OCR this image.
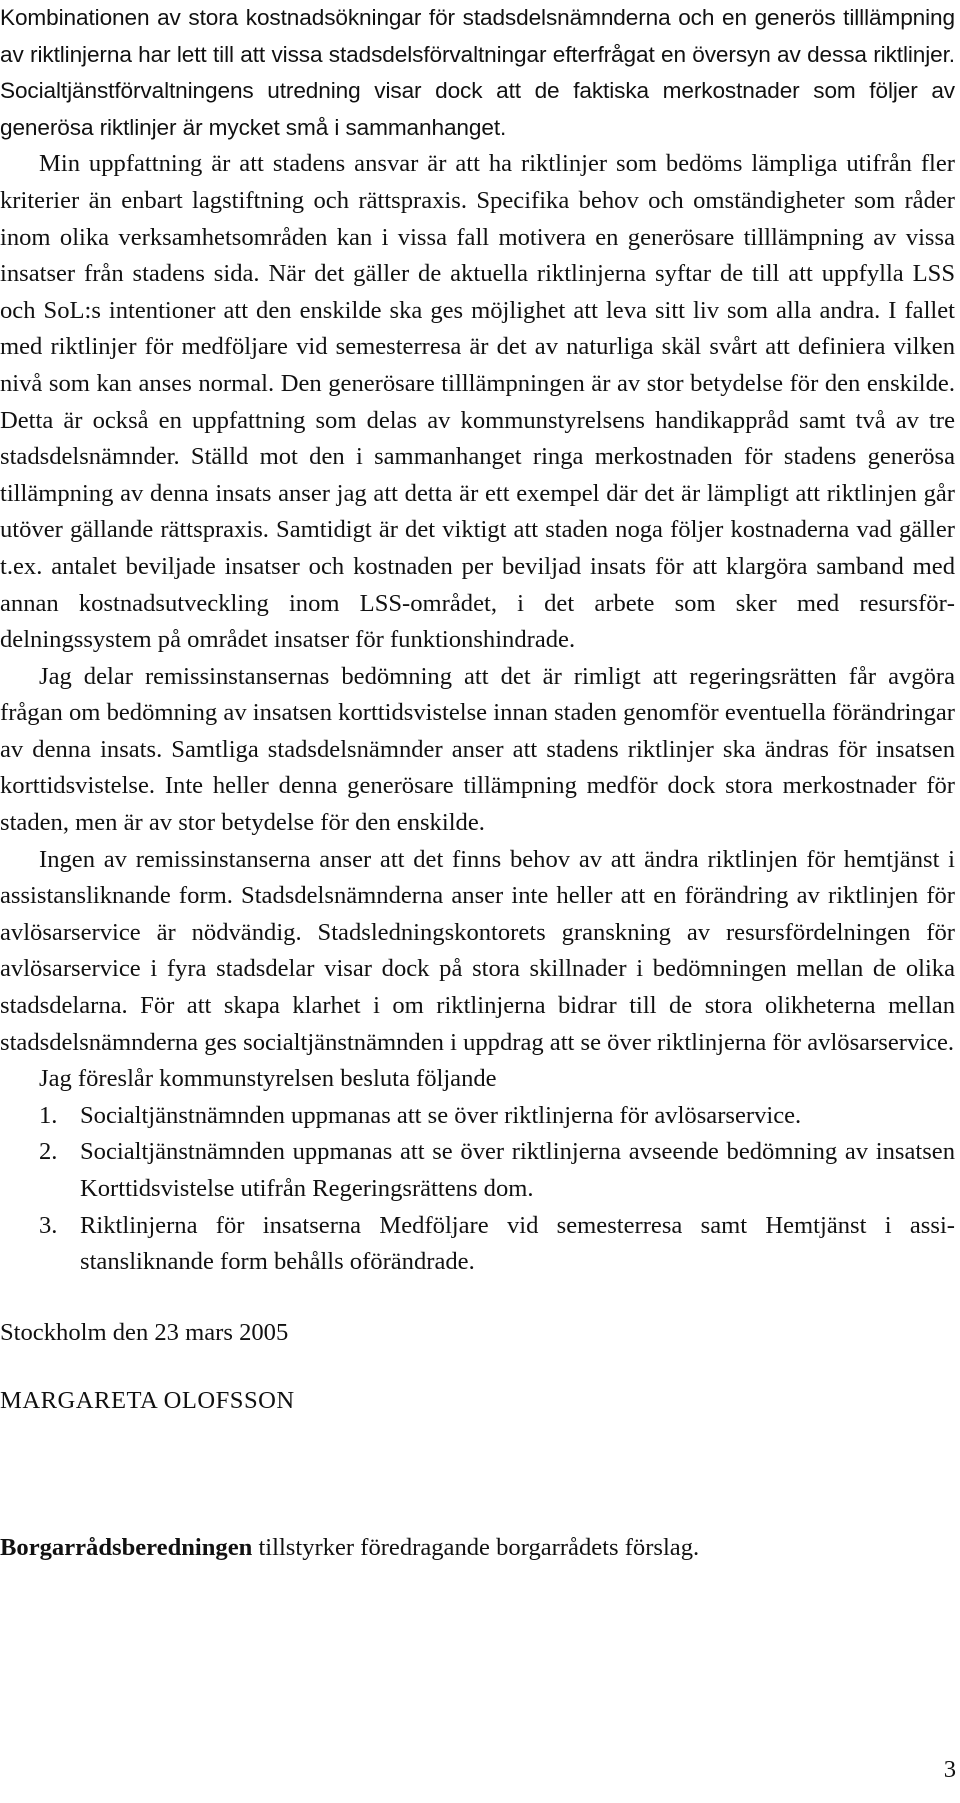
Kombinationen av stora kostnadsökningar för stadsdelsnämnderna och en generös tilllämpning av riktlinjerna har lett till att vissa stadsdelsförvaltningar efterfrågat en översyn av dessa riktlinjer. Socialtjänstförvaltningens utredning visar dock att de faktiska merkostnader som följer av generösa riktlinjer är mycket små i sammanhanget.

Min uppfattning är att stadens ansvar är att ha riktlinjer som bedöms lämpliga utifrån fler kriterier än enbart lagstiftning och rättspraxis. Specifika behov och omständigheter som råder inom olika verksamhetsområden kan i vissa fall motivera en generösare tilllämpning av vissa insatser från stadens sida. När det gäller de aktuella riktlinjerna syftar de till att uppfylla LSS och SoL:s intentioner att den enskilde ska ges möjlighet att leva sitt liv som alla andra. I fallet med riktlinjer för medföljare vid semesterresa är det av naturliga skäl svårt att definiera vilken nivå som kan anses normal. Den generösare tilllämpningen är av stor betydelse för den enskilde. Detta är också en uppfattning som delas av kommunstyrelsens handikappråd samt två av tre stadsdelsnämnder. Ställd mot den i sammanhanget ringa merkostnaden för stadens generösa tillämpning av denna insats anser jag att detta är ett exempel där det är lämpligt att riktlinjen går utöver gällande rättspraxis. Samtidigt är det viktigt att staden noga följer kostnaderna vad gäller t.ex. antalet beviljade insatser och kostnaden per beviljad insats för att klargöra samband med annan kostnadsutveckling inom LSS-området, i det arbete som sker med resursfördelningssystem på området insatser för funktionshindrade.

Jag delar remissinstansernas bedömning att det är rimligt att regeringsrätten får avgöra frågan om bedömning av insatsen korttidsvistelse innan staden genomför eventuella förändringar av denna insats. Samtliga stadsdelsnämnder anser att stadens riktlinjer ska ändras för insatsen korttidsvistelse. Inte heller denna generösare tillämpning medför dock stora merkostnader för staden, men är av stor betydelse för den enskilde.

Ingen av remissinstanserna anser att det finns behov av att ändra riktlinjen för hemtjänst i assistansliknande form. Stadsdelsnämnderna anser inte heller att en förändring av riktlinjen för avlösarservice är nödvändig. Stadsledningskontorets granskning av resursfördelningen för avlösarservice i fyra stadsdelar visar dock på stora skillnader i bedömningen mellan de olika stadsdelarna. För att skapa klarhet i om riktlinjerna bidrar till de stora olikheterna mellan stadsdelsnämnderna ges socialtjänstnämnden i uppdrag att se över riktlinjerna för avlösarservice.

Jag föreslår kommunstyrelsen besluta följande

1. Socialtjänstnämnden uppmanas att se över riktlinjerna för avlösarservice.
2. Socialtjänstnämnden uppmanas att se över riktlinjerna avseende bedömning av insatsen Korttidsvistelse utifrån Regeringsrättens dom.
3. Riktlinjerna för insatserna Medföljare vid semesterresa samt Hemtjänst i assistansliknande form behålls oförändrade.

Stockholm den 23 mars 2005

MARGARETA OLOFSSON

Borgarrådsberedningen tillstyrker föredragande borgarrådets förslag.

3
